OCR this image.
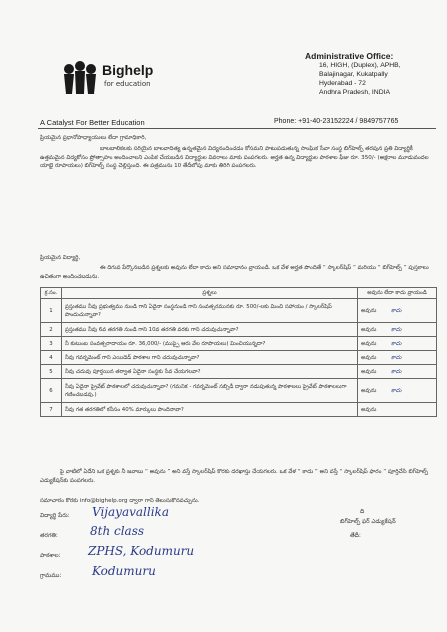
Bighelp
for education
A Catalyst For Better Education
Administrative Office:
16, HIGH, (Duplex), APHB,
Balajinagar, Kukatpally
Hyderabad - 72
Andhra Pradesh, INDIA
Phone: +91-40-23152224 / 9849757765

ప్రియమైన ప్రధానోపాధ్యాయులు లేదా గ్రామాధికారి,

బాలబాలికలకు సరియైన బాలవాదిత్య ఉన్నతమైన విద్యనందించడం కోసమని పాటుపడుతున్న సాంఘిక సేవా సంస్థ బిగ్‌హెల్ప్ తరపున ప్రతి విద్యార్థికీ ఉత్తమమైన విద్యకోసం ప్రోత్సాహం అందించాలని ఎంపిక చేయబడిన విద్యార్థుల వివరాలు మాకు పంపగలరు. అర్హత ఉన్న విద్యార్థుల పాఠశాల ఫీజు రూ. 350/- (అక్షరాల మూడువందల యాభై రూపాయలు) బిగ్‌హెల్ప్ సంస్థ చెల్లిస్తుంది. ఈ పత్రమును 10 తేదీలోపు మాకు తిరిగి పంపగలరు.

ప్రియమైన విద్యార్థి,

ఈ దిగువ పేర్కొనబడిన ప్రశ్నలకు అవును లేదా కాదు అని సమాధానం వ్రాయండి. ఒక వేళ అర్హత పొందితే “ స్కాలర్‌షిప్ ” మరియు “ బిగ్‌హెల్ప్ ” పుస్తకాలు ఉచితంగా అందించబడును.

క్ర.సం.	ప్రశ్నలు	అవును లేదా కాదు వ్రాయండి
1	ప్రస్తుతము నీవు ప్రభుత్వము నుండి గాని ఏదైనా సంస్థనుండి గాని సంవత్సరమునకు రూ. 500/-లకు మించి సహాయం / స్కాలర్‌షిప్ పొందుచున్నావా?	అవును కాదు
2	ప్రస్తుతము నీవు 6వ తరగతి నుండి గాని 10వ తరగతి వరకు గాని చదువుచున్నావా?	అవును కాదు
3	నీ కుటుంబ సంవత్సరాదాయం రూ. 36,000/- (ముప్పై ఆరు వేల రూపాయలు) మించియున్నదా?	అవును కాదు
4	నీవు గవర్నమెంట్ గాని ఎయిడెడ్ పాఠశాల గాని చదువుచున్నావా?	అవును కాదు
5	నీవు చదువు పూర్తయిన తర్వాత ఏదైనా సంస్థకు సేవ చేయగలవా?	అవును కాదు
6	నీవు ఏదైనా ప్రైవేట్ పాఠశాలలో చదువుచున్నావా? (గమనిక - గవర్నమెంట్ సబ్సిడీ ద్వారా నడుపుతున్న పాఠశాలలు ప్రైవేట్ పాఠశాలలుగా గణించబడవు.)	అవును కాదు
7	నీవు గత తరగతిలో కనీసం 40% మార్కులు పొందినావా?	అవును

పై వాటిలో ఏదేని ఒక ప్రశ్నకు నీ జవాబు “ అవును ” అని వస్తే స్కాలర్‌షిప్ కొరకు దరఖాస్తు చేయగలరు. ఒక వేళ “ కాదు ” అని వస్తే “ స్కాలర్‌షిప్ ఫారం ” పూర్తిచేసి బిగ్‌హెల్ప్ ఎడ్యుకేషన్‌కు పంపగలరు.

సమాచారం కొరకు info@bighelp.org ద్వారా గాని తెలుసుకొనవచ్చును.

ది
బిగ్‌హెల్ప్ ఫర్ ఎడ్యుకేషన్
విద్యార్థి పేరు: Vijayavallika
తరగతి:	8th class
పాఠశాల: ZPHS, Kodumuru
గ్రామము:	Kodumuru
తేదీ:
